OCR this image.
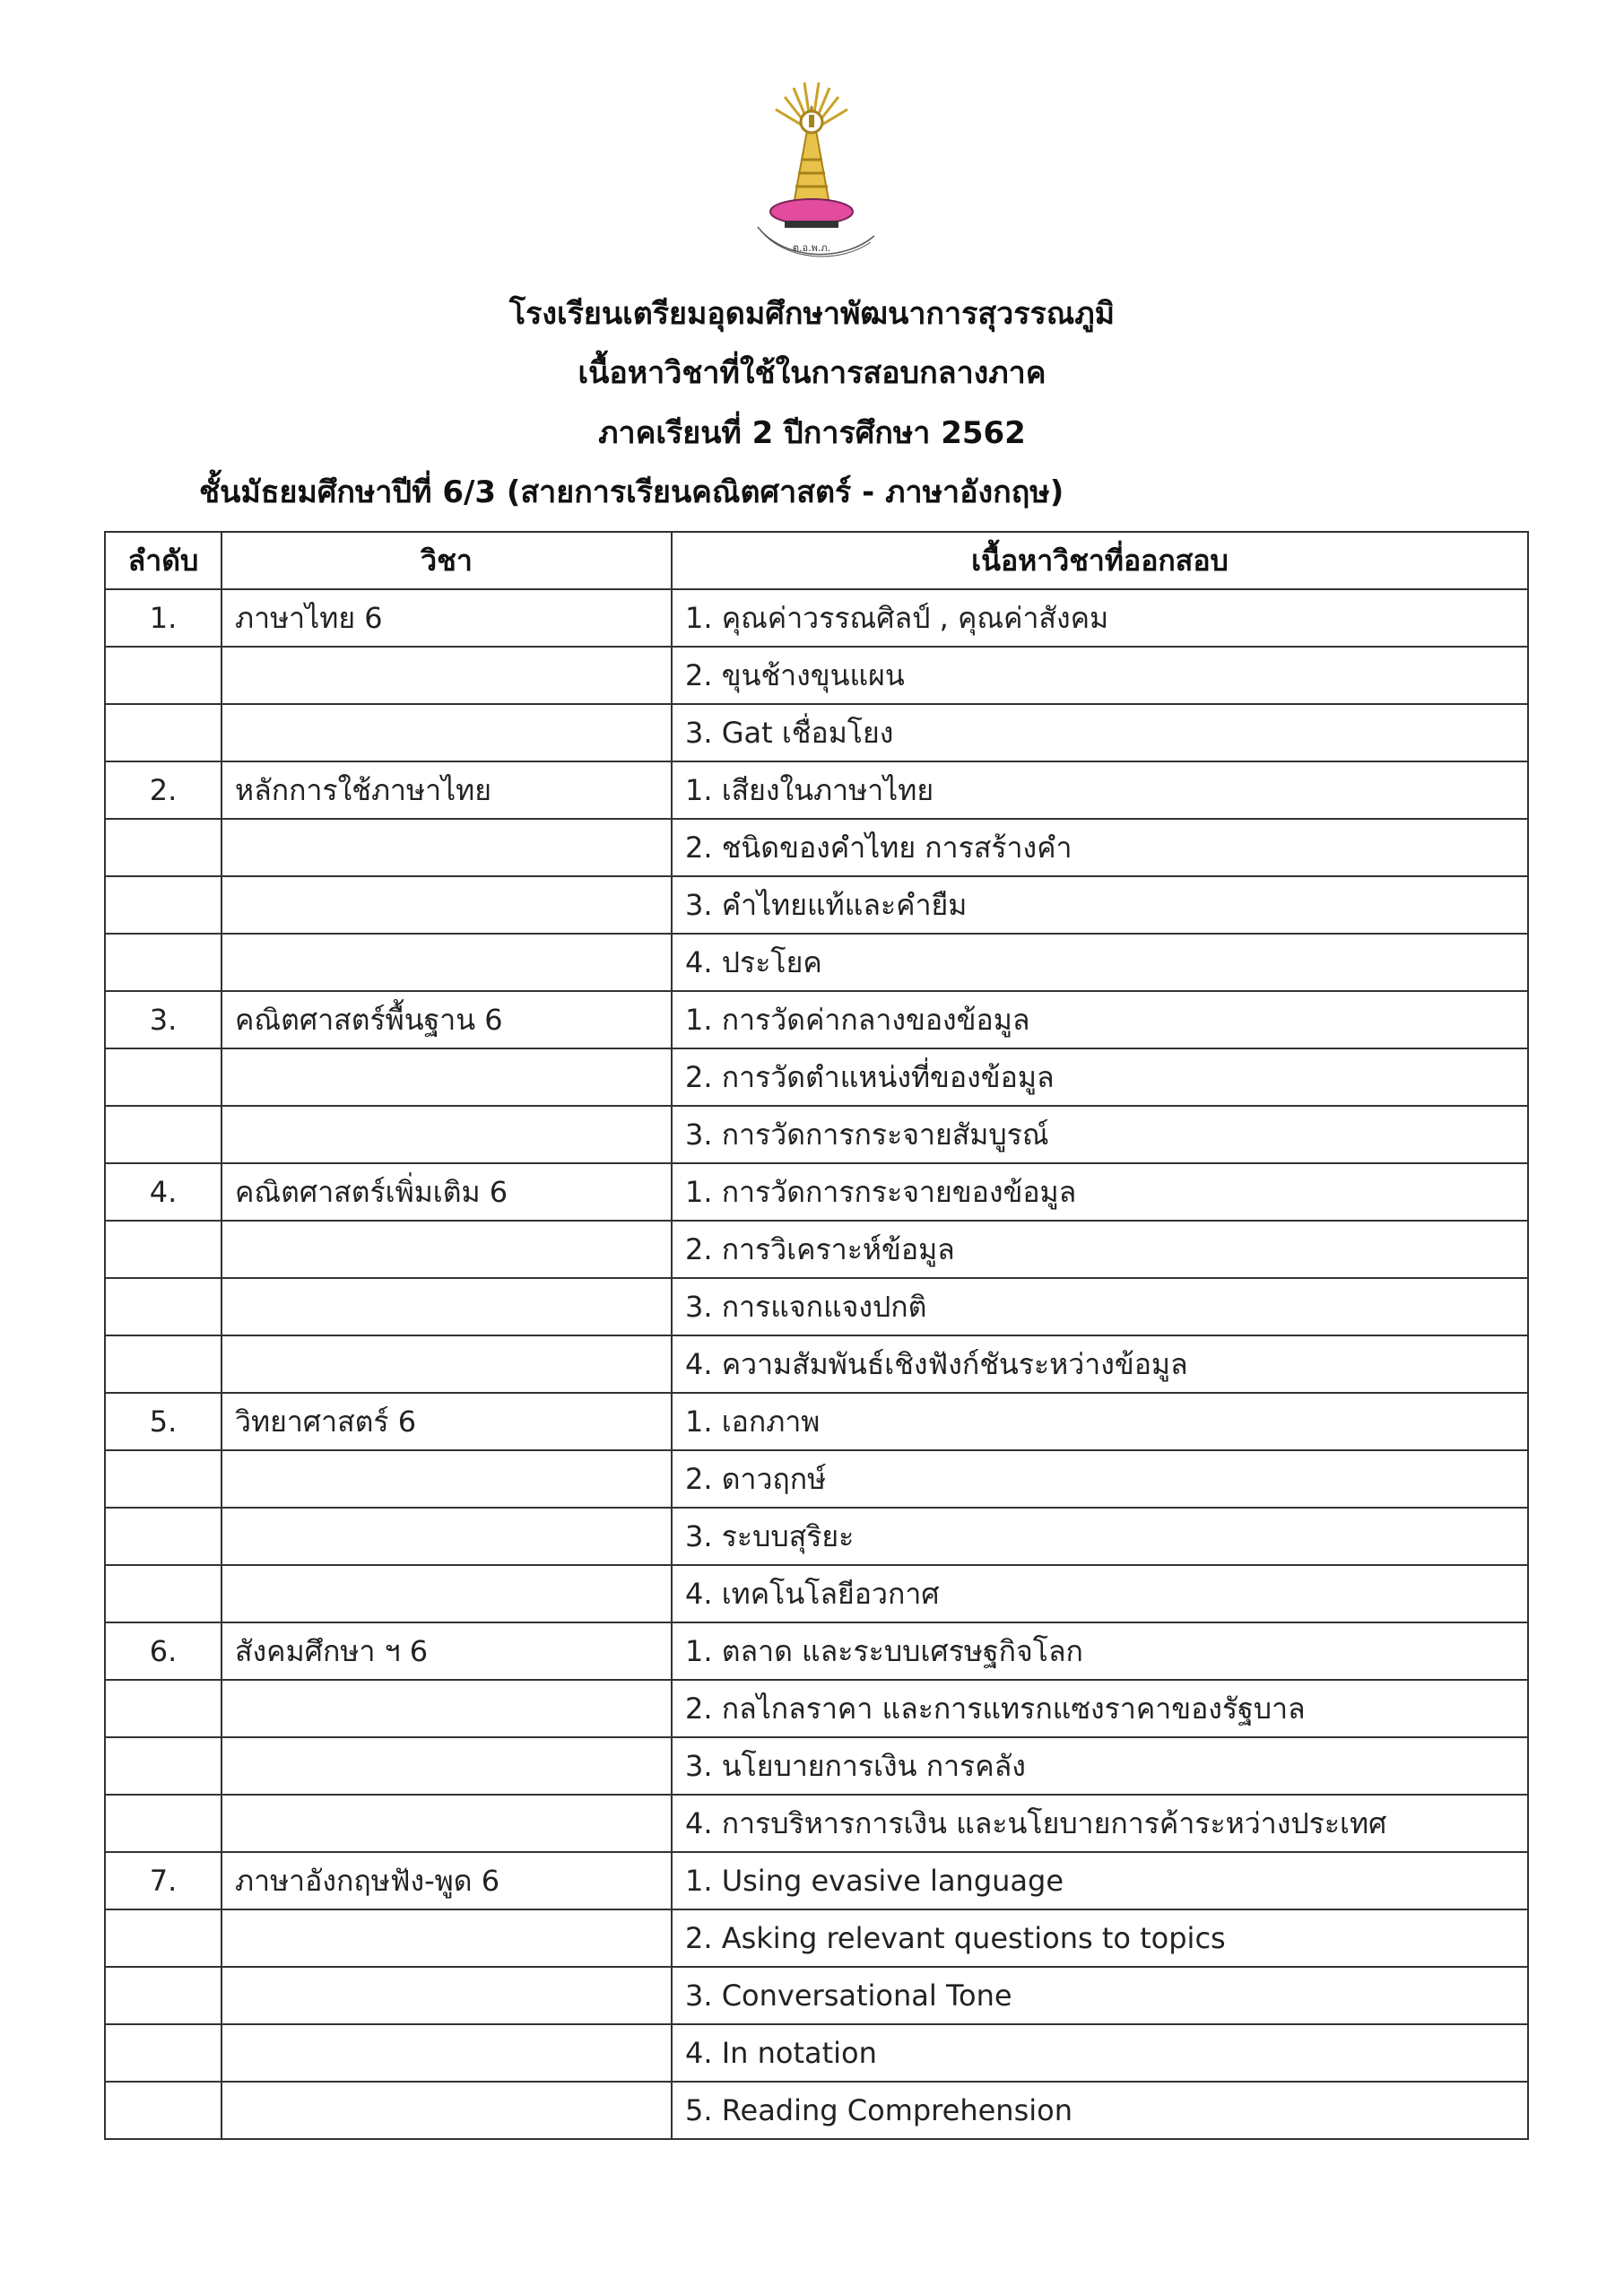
ต.อ.พ.ภ.
โรงเรียนเตรียมอุดมศึกษาพัฒนาการสุวรรณภูมิ
เนื้อหาวิชาที่ใช้ในการสอบกลางภาค
ภาคเรียนที่ 2 ปีการศึกษา 2562
ชั้นมัธยมศึกษาปีที่ 6/3 (สายการเรียนคณิตศาสตร์ - ภาษาอังกฤษ)
ลำดับ	วิชา	เนื้อหาวิชาที่ออกสอบ
1.	ภาษาไทย 6	1. คุณค่าวรรณศิลป์ , คุณค่าสังคม
		2. ขุนช้างขุนแผน
		3. Gat เชื่อมโยง
2.	หลักการใช้ภาษาไทย	1. เสียงในภาษาไทย
		2. ชนิดของคำไทย การสร้างคำ
		3. คำไทยแท้และคำยืม
		4. ประโยค
3.	คณิตศาสตร์พื้นฐาน 6	1. การวัดค่ากลางของข้อมูล
		2. การวัดตำแหน่งที่ของข้อมูล
		3. การวัดการกระจายสัมบูรณ์
4.	คณิตศาสตร์เพิ่มเติม 6	1. การวัดการกระจายของข้อมูล
		2. การวิเคราะห์ข้อมูล
		3. การแจกแจงปกติ
		4. ความสัมพันธ์เชิงฟังก์ชันระหว่างข้อมูล
5.	วิทยาศาสตร์ 6	1. เอกภาพ
		2. ดาวฤกษ์
		3. ระบบสุริยะ
		4. เทคโนโลยีอวกาศ
6.	สังคมศึกษา ฯ 6	1. ตลาด และระบบเศรษฐกิจโลก
		2. กลไกลราคา และการแทรกแซงราคาของรัฐบาล
		3. นโยบายการเงิน การคลัง
		4. การบริหารการเงิน และนโยบายการค้าระหว่างประเทศ
7.	ภาษาอังกฤษฟัง-พูด 6	1. Using evasive language
		2. Asking relevant questions to topics
		3. Conversational Tone
		4. In notation
		5. Reading Comprehension
